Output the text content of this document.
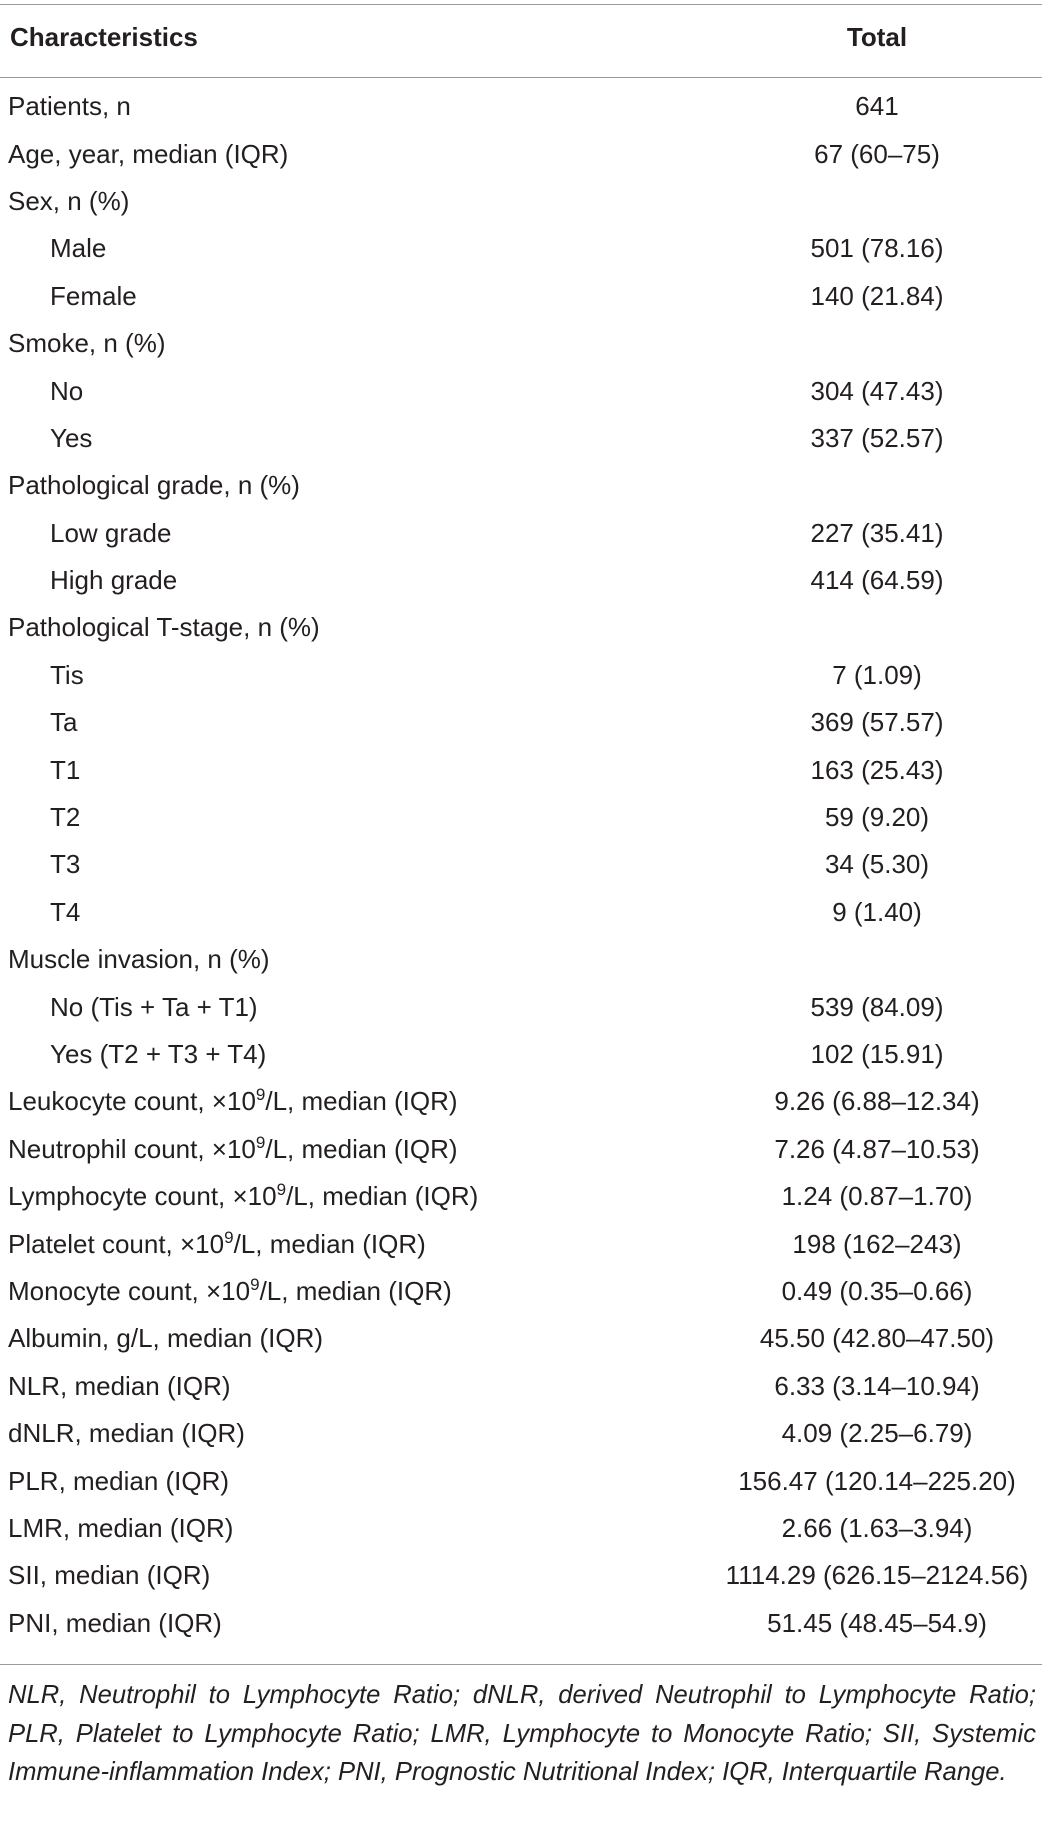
Characteristics	Total
Patients, n	641
Age, year, median (IQR)	67 (60–75)
Sex, n (%)	
Male	501 (78.16)
Female	140 (21.84)
Smoke, n (%)	
No	304 (47.43)
Yes	337 (52.57)
Pathological grade, n (%)	
Low grade	227 (35.41)
High grade	414 (64.59)
Pathological T-stage, n (%)	
Tis	7 (1.09)
Ta	369 (57.57)
T1	163 (25.43)
T2	59 (9.20)
T3	34 (5.30)
T4	9 (1.40)
Muscle invasion, n (%)	
No (Tis + Ta + T1)	539 (84.09)
Yes (T2 + T3 + T4)	102 (15.91)
Leukocyte count, $\times 10^9/L$, median (IQR)	9.26 (6.88–12.34)
Neutrophil count, $\times 10^9/L$, median (IQR)	7.26 (4.87–10.53)
Lymphocyte count, $\times 10^9/L$, median (IQR)	1.24 (0.87–1.70)
Platelet count, $\times 10^9/L$, median (IQR)	198 (162–243)
Monocyte count, $\times 10^9/L$, median (IQR)	0.49 (0.35–0.66)
Albumin, g/L, median (IQR)	45.50 (42.80–47.50)
NLR, median (IQR)	6.33 (3.14–10.94)
dNLR, median (IQR)	4.09 (2.25–6.79)
PLR, median (IQR)	156.47 (120.14–225.20)
LMR, median (IQR)	2.66 (1.63–3.94)
SII, median (IQR)	1114.29 (626.15–2124.56)
PNI, median (IQR)	51.45 (48.45–54.9)
NLR, Neutrophil to Lymphocyte Ratio; dNLR, derived Neutrophil to Lymphocyte Ratio; PLR, Platelet to Lymphocyte Ratio; LMR, Lymphocyte to Monocyte Ratio; SII, Systemic Immune-inflammation Index; PNI, Prognostic Nutritional Index; IQR, Interquartile Range.
